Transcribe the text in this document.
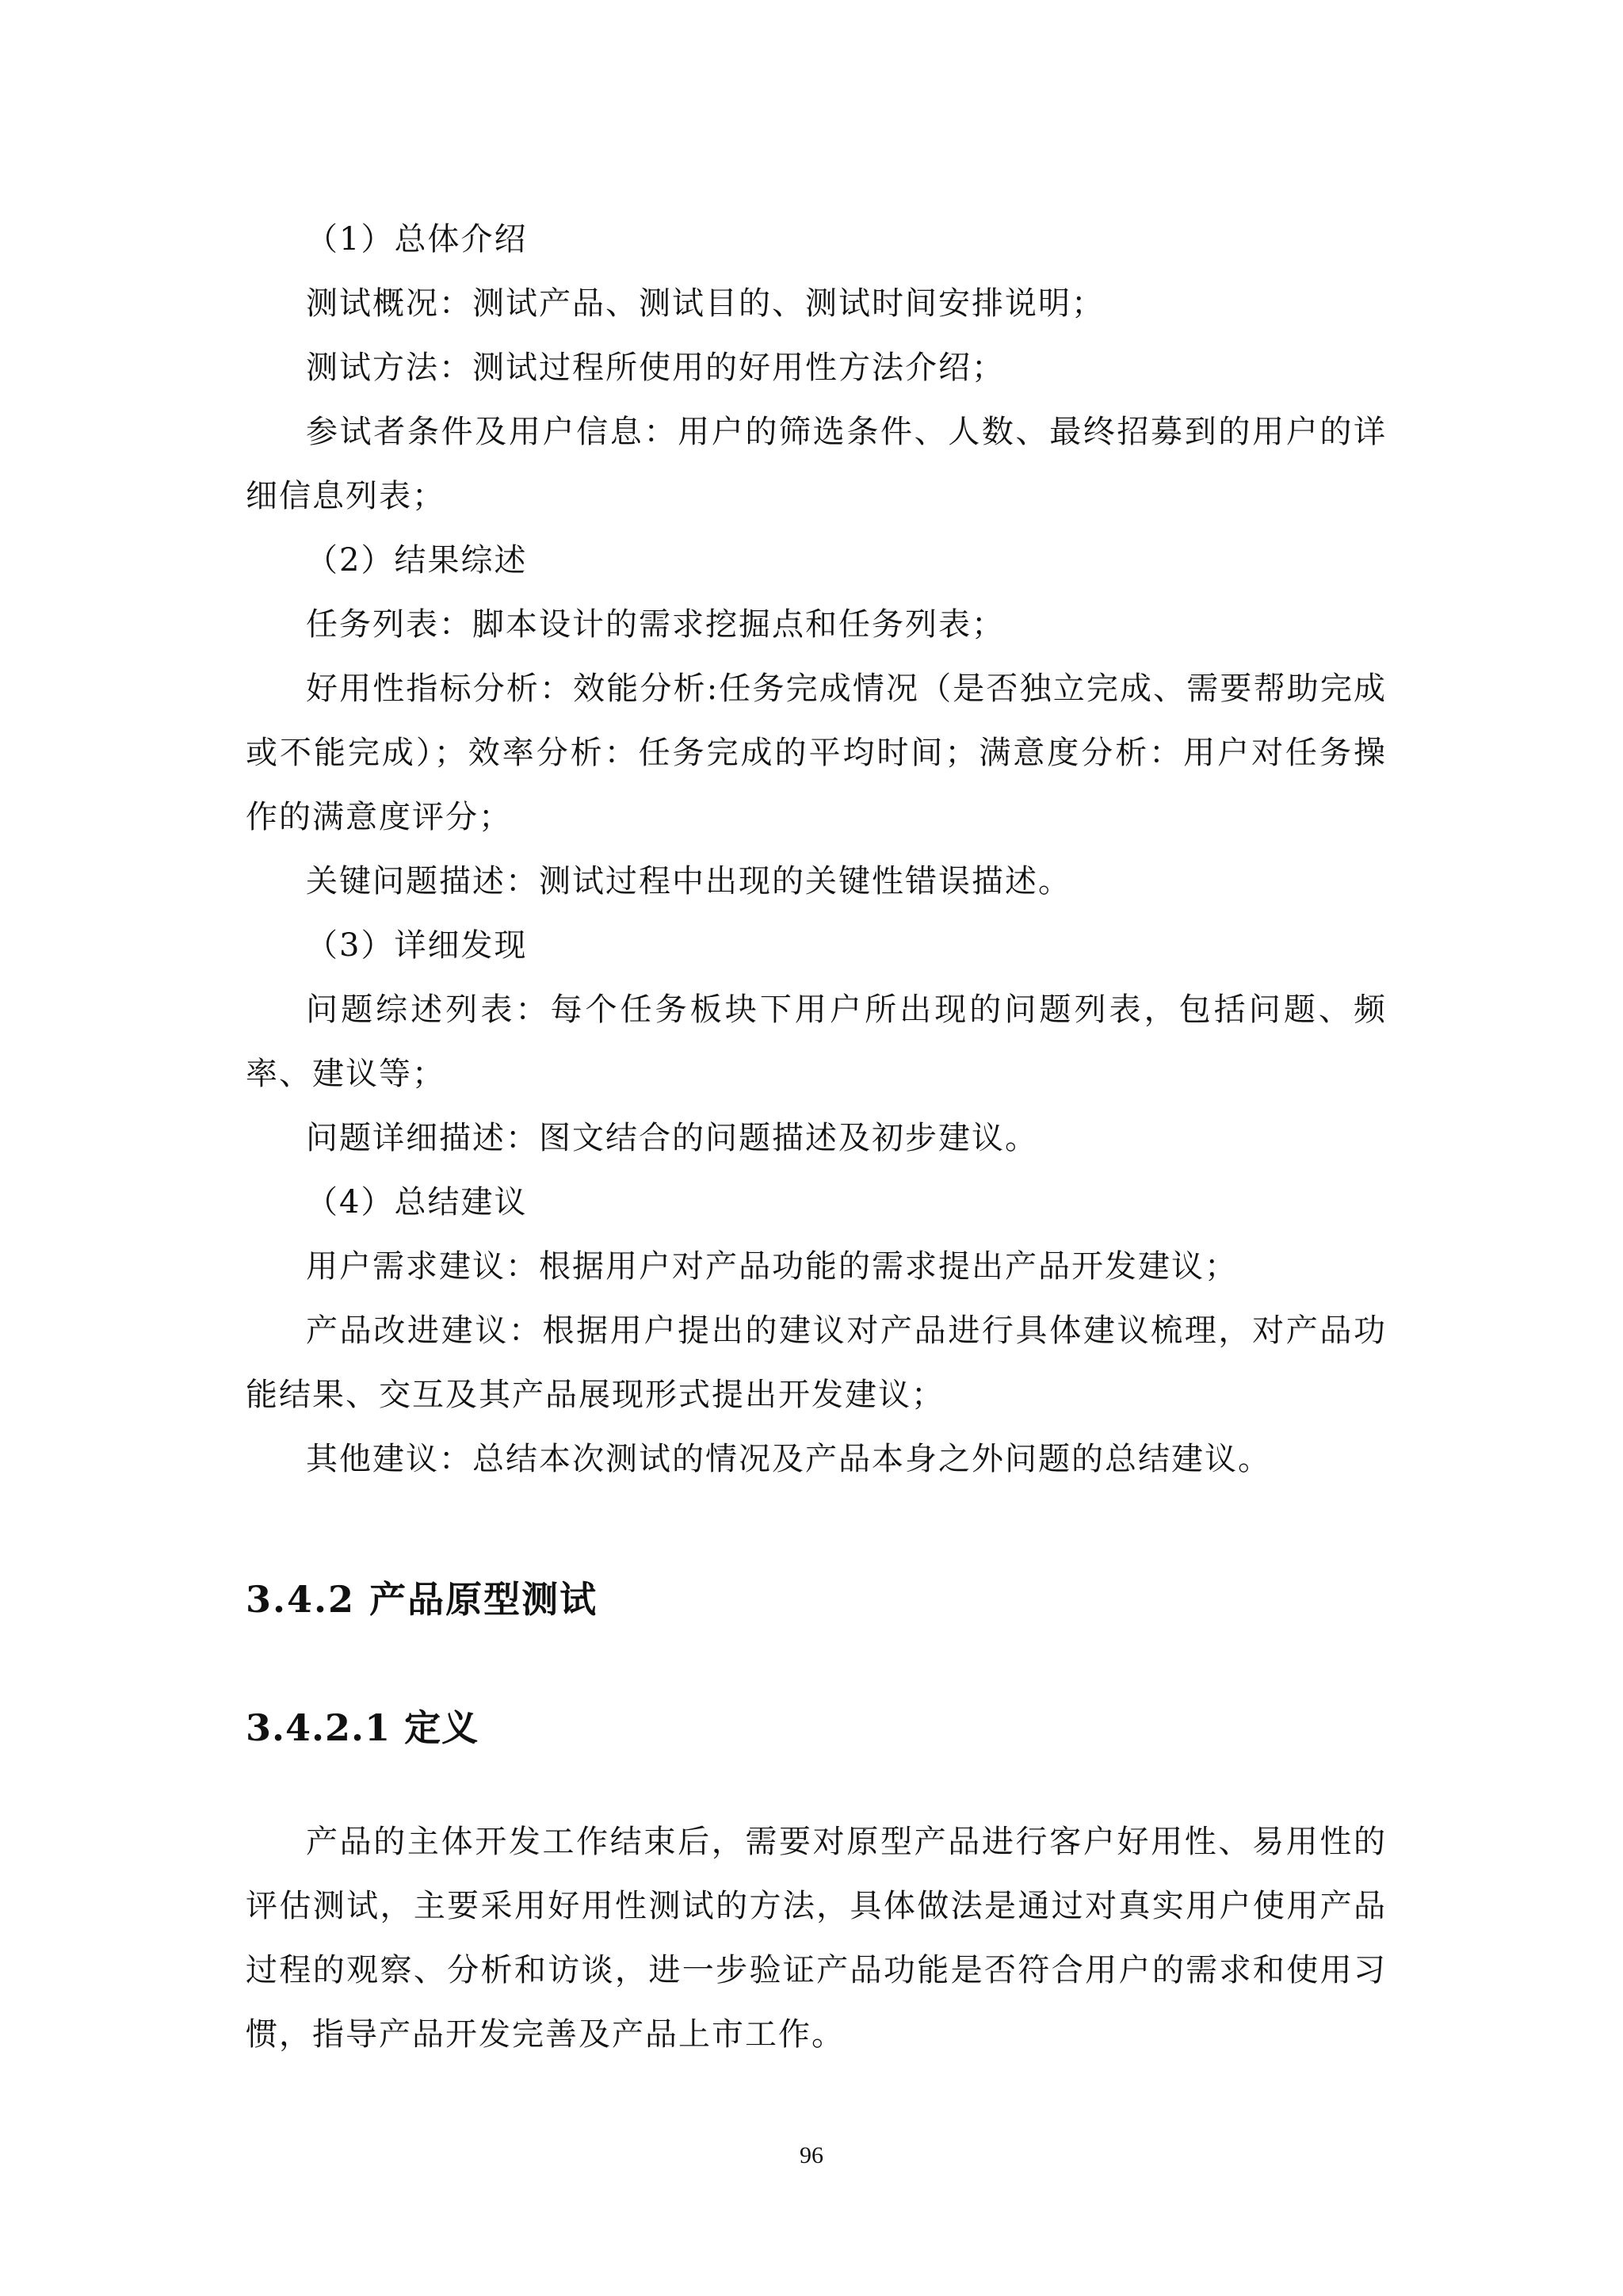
（1）总体介绍

测试概况：测试产品、测试目的、测试时间安排说明；

测试方法：测试过程所使用的好用性方法介绍；

参试者条件及用户信息：用户的筛选条件、人数、最终招募到的用户的详细信息列表；

（2）结果综述

任务列表：脚本设计的需求挖掘点和任务列表；

好用性指标分析：效能分析:任务完成情况（是否独立完成、需要帮助完成或不能完成）；效率分析：任务完成的平均时间；满意度分析：用户对任务操作的满意度评分；

关键问题描述：测试过程中出现的关键性错误描述。

（3）详细发现

问题综述列表：每个任务板块下用户所出现的问题列表，包括问题、频率、建议等；

问题详细描述：图文结合的问题描述及初步建议。

（4）总结建议

用户需求建议：根据用户对产品功能的需求提出产品开发建议；

产品改进建议：根据用户提出的建议对产品进行具体建议梳理，对产品功能结果、交互及其产品展现形式提出开发建议；

其他建议：总结本次测试的情况及产品本身之外问题的总结建议。

3.4.2 产品原型测试
3.4.2.1 定义

产品的主体开发工作结束后，需要对原型产品进行客户好用性、易用性的评估测试，主要采用好用性测试的方法，具体做法是通过对真实用户使用产品过程的观察、分析和访谈，进一步验证产品功能是否符合用户的需求和使用习惯，指导产品开发完善及产品上市工作。

96
